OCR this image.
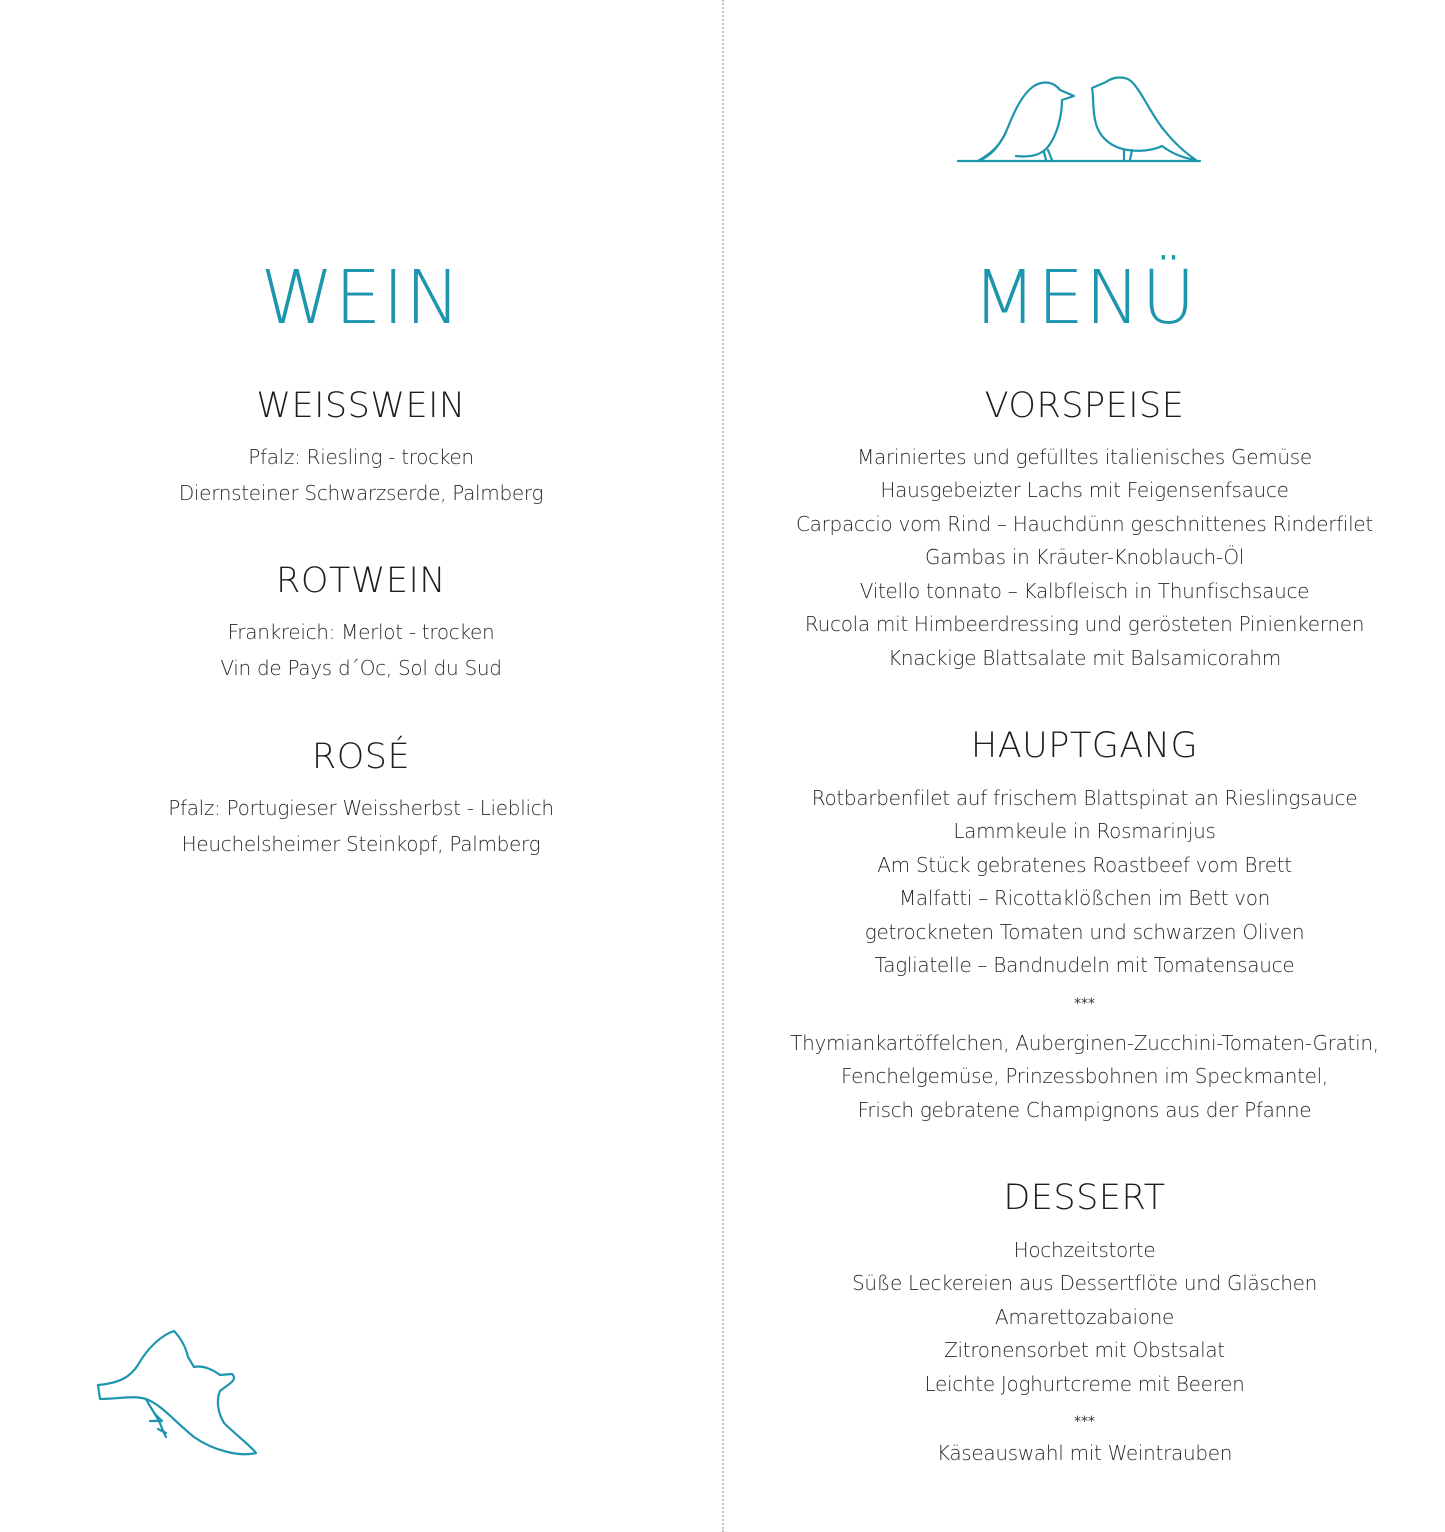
WEIN
WEISSWEIN
Pfalz: Riesling - trocken
Diernsteiner Schwarzserde, Palmberg
ROTWEIN
Frankreich: Merlot - trocken
Vin de Pays d´Oc, Sol du Sud
ROSÉ
Pfalz: Portugieser Weissherbst - Lieblich
Heuchelsheimer Steinkopf, Palmberg
MENÜ
VORSPEISE
Mariniertes und gefülltes italienisches Gemüse
Hausgebeizter Lachs mit Feigensenfsauce
Carpaccio vom Rind – Hauchdünn geschnittenes Rinderfilet
Gambas in Kräuter-Knoblauch-Öl
Vitello tonnato – Kalbfleisch in Thunfischsauce
Rucola mit Himbeerdressing und gerösteten Pinienkernen
Knackige Blattsalate mit Balsamicorahm
HAUPTGANG
Rotbarbenfilet auf frischem Blattspinat an Rieslingsauce
Lammkeule in Rosmarinjus
Am Stück gebratenes Roastbeef vom Brett
Malfatti – Ricottaklößchen im Bett von
getrockneten Tomaten und schwarzen Oliven
Tagliatelle – Bandnudeln mit Tomatensauce
***
Thymiankartöffelchen, Auberginen-Zucchini-Tomaten-Gratin,
Fenchelgemüse, Prinzessbohnen im Speckmantel,
Frisch gebratene Champignons aus der Pfanne
DESSERT
Hochzeitstorte
Süße Leckereien aus Dessertflöte und Gläschen
Amarettozabaione
Zitronensorbet mit Obstsalat
Leichte Joghurtcreme mit Beeren
***
Käseauswahl mit Weintrauben
